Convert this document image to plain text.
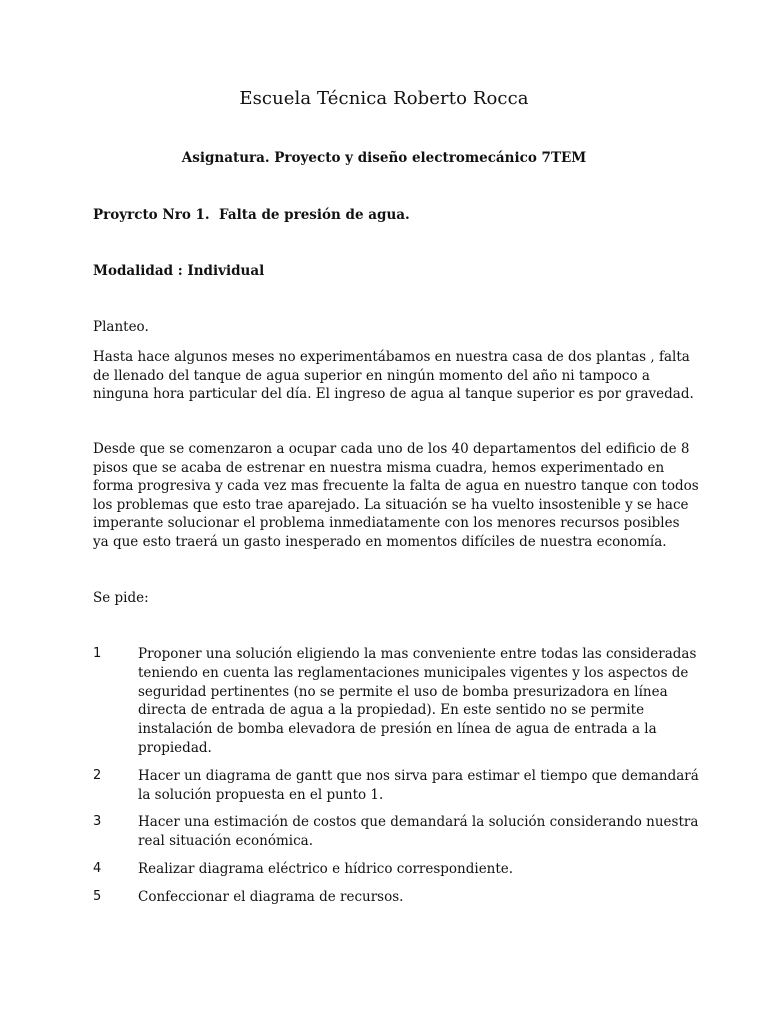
Escuela Técnica Roberto Rocca
Asignatura. Proyecto y diseño electromecánico 7TEM
Proyrcto Nro 1.  Falta de presión de agua.
Modalidad : Individual
Planteo.
Hasta hace algunos meses no experimentábamos en nuestra casa de dos plantas , falta
de llenado del tanque de agua superior en ningún momento del año ni tampoco a
ninguna hora particular del día. El ingreso de agua al tanque superior es por gravedad.
Desde que se comenzaron a ocupar cada uno de los 40 departamentos del edificio de 8
pisos que se acaba de estrenar en nuestra misma cuadra, hemos experimentado en
forma progresiva y cada vez mas frecuente la falta de agua en nuestro tanque con todos
los problemas que esto trae aparejado. La situación se ha vuelto insostenible y se hace
imperante solucionar el problema inmediatamente con los menores recursos posibles
ya que esto traerá un gasto inesperado en momentos difíciles de nuestra economía.
Se pide:
1	Proponer una solución eligiendo la mas conveniente entre todas las consideradas
teniendo en cuenta las reglamentaciones municipales vigentes y los aspectos de
seguridad pertinentes (no se permite el uso de bomba presurizadora en línea
directa de entrada de agua a la propiedad). En este sentido no se permite
instalación de bomba elevadora de presión en línea de agua de entrada a la
propiedad.
2	Hacer un diagrama de gantt que nos sirva para estimar el tiempo que demandará
la solución propuesta en el punto 1.
3	Hacer una estimación de costos que demandará la solución considerando nuestra
real situación económica.
4	Realizar diagrama eléctrico e hídrico correspondiente.
5	Confeccionar el diagrama de recursos.
